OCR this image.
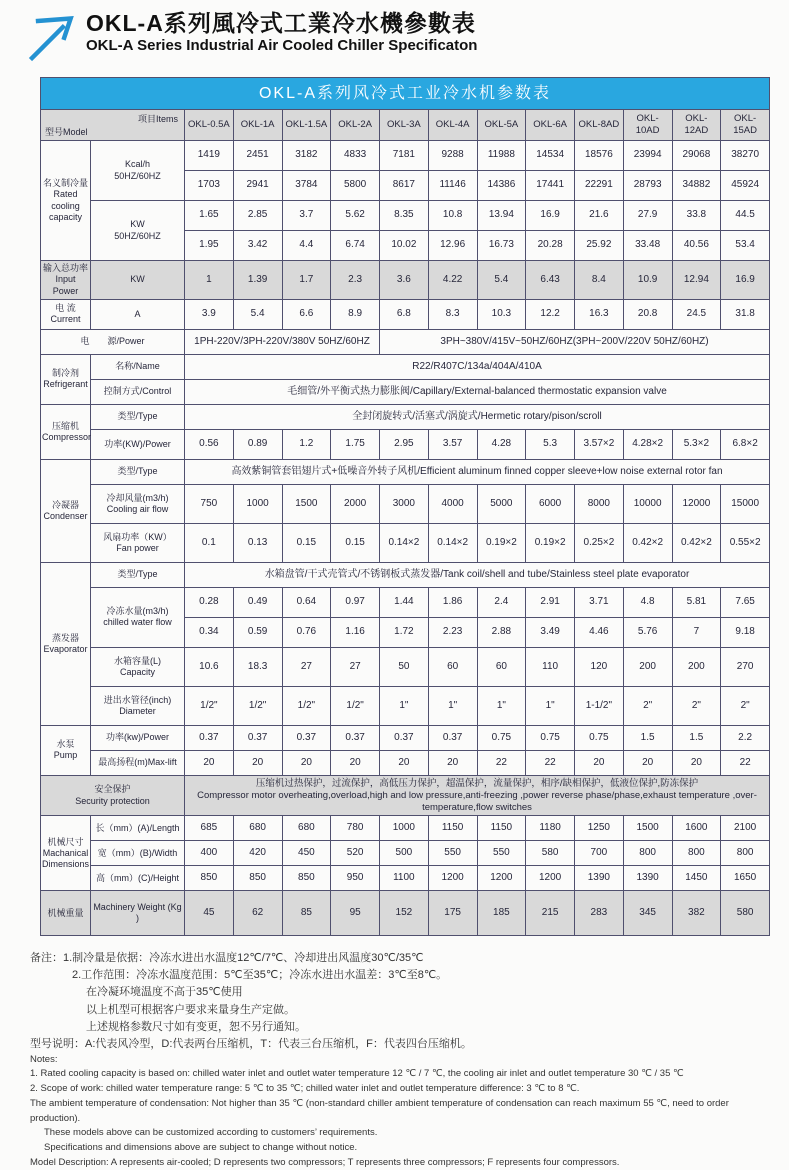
OKL-A系列風冷式工業冷水機參數表
OKL-A Series Industrial Air Cooled Chiller Specificaton
OKL-A系列风冷式工业冷水机参数表													

项目Items
型号Model		OKL-0.5A	OKL-1A	OKL-1.5A	OKL-2A	OKL-3A	OKL-4A	OKL-5A	OKL-6A	OKL-8AD	OKL-10AD	OKL-12AD	OKL-15AD

名义制冷量
Rated cooling capacity	Kcal/h
50HZ/60HZ	1419	2451	3182	4833	7181	9288	11988	14534	18576	23994	29068	38270
		1703	2941	3784	5800	8617	11146	14386	17441	22291	28793	34882	45924

	KW
50HZ/60HZ	1.65	2.85	3.7	5.62	8.35	10.8	13.94	16.9	21.6	27.9	33.8	44.5
		1.95	3.42	4.4	6.74	10.02	12.96	16.73	20.28	25.92	33.48	40.56	53.4

输入总功率
Input Power	KW	1	1.39	1.7	2.3	3.6	4.22	5.4	6.43	8.4	10.9	12.94	16.9

电 流
Current	A	3.9	5.4	6.6	8.9	6.8	8.3	10.3	12.2	16.3	20.8	24.5	31.8
电　　源/Power		1PH-220V/3PH-220V/380V 50HZ/60HZ				3PH~380V/415V~50HZ/60HZ(3PH~200V/220V 50HZ/60HZ)							

制冷剂
Refrigerant	名称/Name	R22/R407C/134a/404A/410A											
	控制方式/Control	毛细管/外平衡式热力膨胀阀/Capillary/External-balanced thermostatic expansion valve											

压缩机
Compressor	类型/Type	全封闭旋转式/活塞式/涡旋式/Hermetic rotary/pison/scroll											
	功率(KW)/Power	0.56	0.89	1.2	1.75	2.95	3.57	4.28	5.3	3.57×2	4.28×2	5.3×2	6.8×2

冷凝器
Condenser	类型/Type	高效紫铜管套铝翅片式+低噪音外转子风机/Efficient aluminum finned copper sleeve+low noise external rotor fan											

	冷却风量(m3/h)
Cooling air flow	750	1000	1500	2000	3000	4000	5000	6000	8000	10000	12000	15000

	风扇功率（KW）
Fan power	0.1	0.13	0.15	0.15	0.14×2	0.14×2	0.19×2	0.19×2	0.25×2	0.42×2	0.42×2	0.55×2

蒸发器
Evaporator	类型/Type	水箱盘管/干式壳管式/不锈钢板式蒸发器/Tank coil/shell and tube/Stainless steel plate evaporator											

	冷冻水量(m3/h)
chilled water flow	0.28	0.49	0.64	0.97	1.44	1.86	2.4	2.91	3.71	4.8	5.81	7.65
		0.34	0.59	0.76	1.16	1.72	2.23	2.88	3.49	4.46	5.76	7	9.18

	水箱容量(L)
Capacity	10.6	18.3	27	27	50	60	60	110	120	200	200	270

	进出水管径(inch)
Diameter	1/2"	1/2"	1/2"	1/2"	1"	1"	1"	1"	1-1/2"	2"	2"	2"

水泵
Pump	功率(kw)/Power	0.37	0.37	0.37	0.37	0.37	0.37	0.75	0.75	0.75	1.5	1.5	2.2
	最高扬程(m)Max-lift	20	20	20	20	20	20	22	22	20	20	20	22

安全保护
Security protection

压缩机过热保护，过流保护，高低压力保护，超温保护，流量保护，相序/缺相保护，低液位保护,防冻保护
Compressor motor overheating,overload,high and low pressure,anti-freezing ,power reverse phase/phase,exhaust temperature ,over-temperature,flow switches

机械尺寸
Machanical Dimensions	长（mm）(A)/Length	685	680	680	780	1000	1150	1150	1180	1250	1500	1600	2100
	宽（mm）(B)/Width	400	420	450	520	500	550	550	580	700	800	800	800
	高（mm）(C)/Height	850	850	850	950	1100	1200	1200	1200	1390	1390	1450	1650
机械重量	Machinery Weight (Kg )	45	62	85	95	152	175	185	215	283	345	382	580
备注：1.制冷量是依据：冷冻水进出水温度12℃/7℃、冷却进出风温度30℃/35℃
2.工作范围：冷冻水温度范围：5℃至35℃；冷冻水进出水温差：3℃至8℃。
在冷凝环境温度不高于35℃使用
以上机型可根据客户要求来量身生产定做。
上述规格参数尺寸如有变更，恕不另行通知。
型号说明：A:代表风冷型，D:代表两台压缩机，T：代表三台压缩机，F：代表四台压缩机。
Notes:
1. Rated cooling capacity is based on: chilled water inlet and outlet water temperature 12 ℃ / 7 ℃, the cooling air inlet and outlet temperature 30 ℃ / 35 ℃
2. Scope of work: chilled water temperature range: 5 ℃ to 35 ℃; chilled water inlet and outlet temperature difference: 3 ℃ to 8 ℃.
The ambient temperature of condensation: Not higher than 35 ℃ (non-standard chiller ambient temperature of condensation can reach maximum 55 ℃, need to order production).
These models above can be customized according to customers’ requirements.
Specifications and dimensions above are subject to change without notice.
Model Description: A represents air-cooled; D represents two compressors; T represents three compressors; F represents four compressors.
